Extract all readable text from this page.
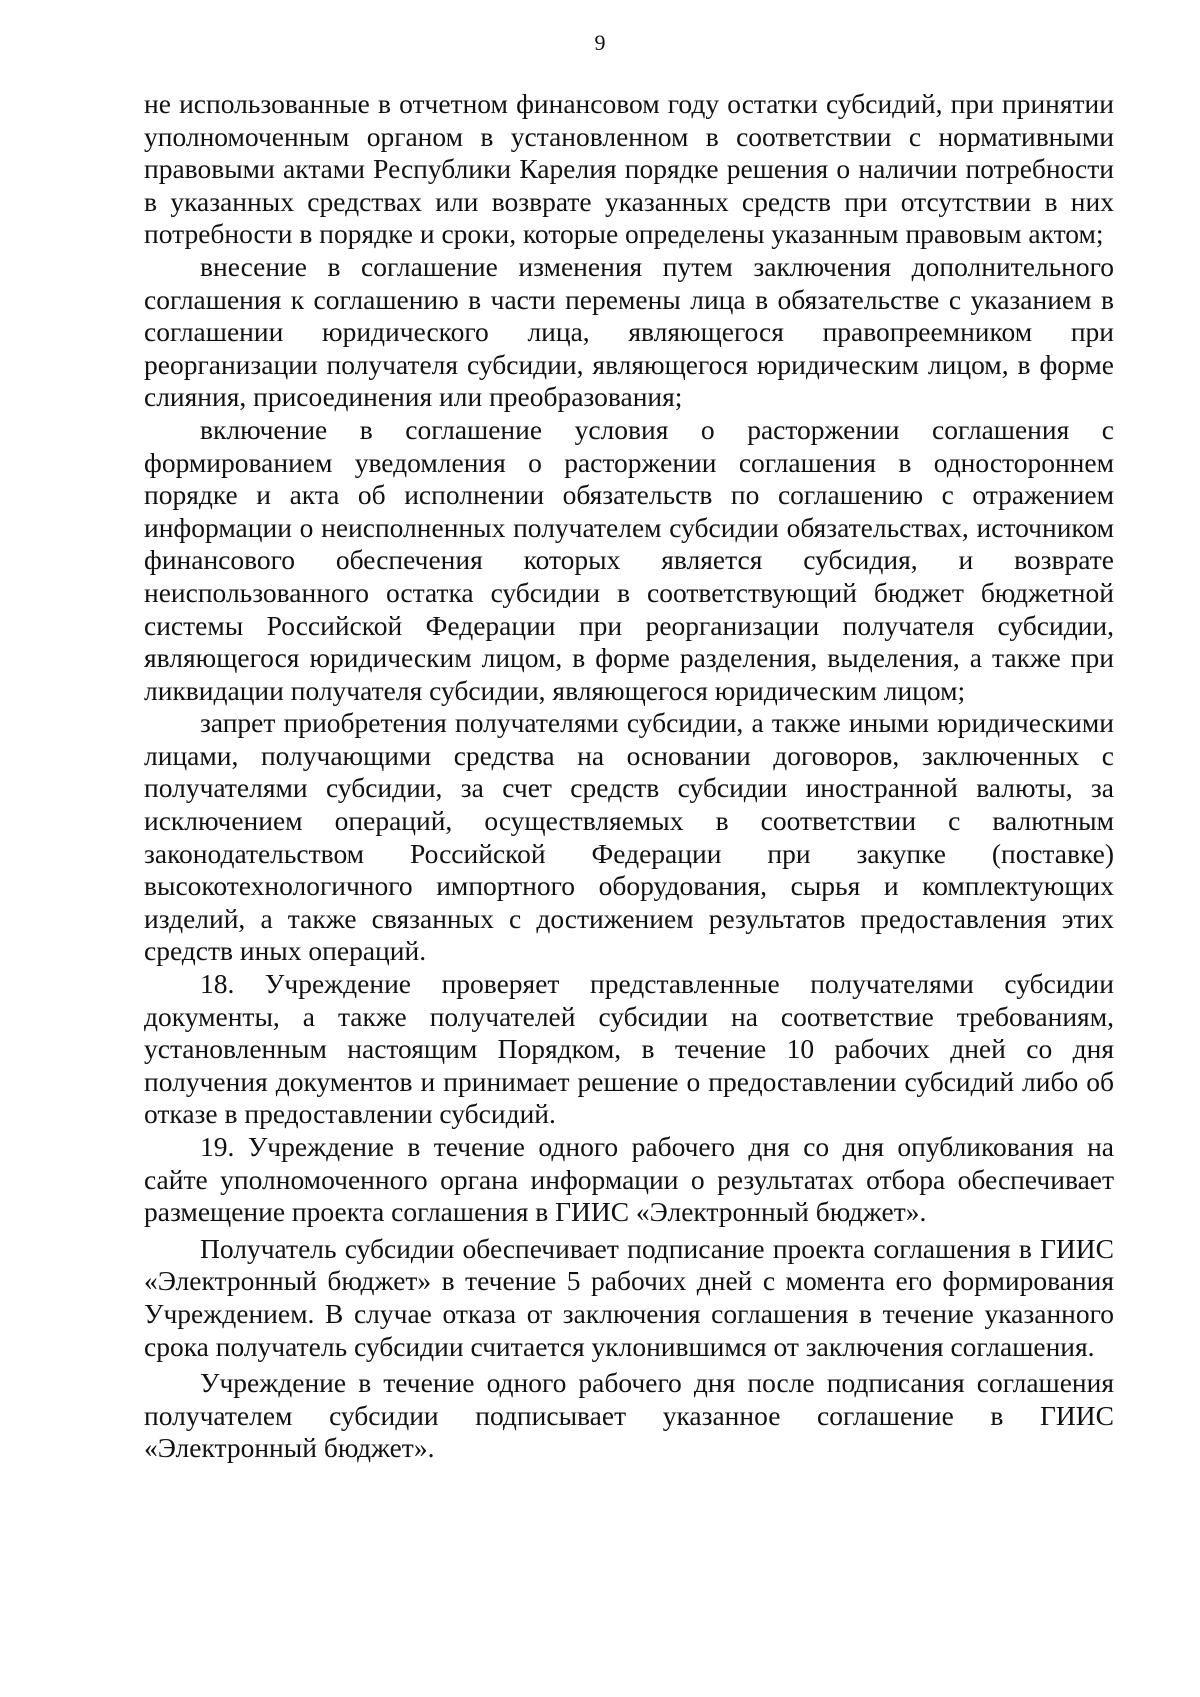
9

не использованные в отчетном финансовом году остатки субсидий, при принятии уполномоченным органом в установленном в соответствии с нормативными правовыми актами Республики Карелия порядке решения о наличии потребности в указанных средствах или возврате указанных средств при отсутствии в них потребности в порядке и сроки, которые определены указанным правовым актом;

внесение в соглашение изменения путем заключения дополнительного соглашения к соглашению в части перемены лица в обязательстве с указанием в соглашении юридического лица, являющегося правопреемником при реорганизации получателя субсидии, являющегося юридическим лицом, в форме слияния, присоединения или преобразования;

включение в соглашение условия о расторжении соглашения с формированием уведомления о расторжении соглашения в одностороннем порядке и акта об исполнении обязательств по соглашению с отражением информации о неисполненных получателем субсидии обязательствах, источником финансового обеспечения которых является субсидия, и возврате неиспользованного остатка субсидии в соответствующий бюджет бюджетной системы Российской Федерации при реорганизации получателя субсидии, являющегося юридическим лицом, в форме разделения, выделения, а также при ликвидации получателя субсидии, являющегося юридическим лицом;

запрет приобретения получателями субсидии, а также иными юридическими лицами, получающими средства на основании договоров, заключенных с получателями субсидии, за счет средств субсидии иностранной валюты, за исключением операций, осуществляемых в соответствии с валютным законодательством Российской Федерации при закупке (поставке) высокотехнологичного импортного оборудования, сырья и комплектующих изделий, а также связанных с достижением результатов предоставления этих средств иных операций.

18. Учреждение проверяет представленные получателями субсидии документы, а также получателей субсидии на соответствие требованиям, установленным настоящим Порядком, в течение 10 рабочих дней со дня получения документов и принимает решение о предоставлении субсидий либо об отказе в предоставлении субсидий.

19. Учреждение в течение одного рабочего дня со дня опубликования на сайте уполномоченного органа информации о результатах отбора обеспечивает размещение проекта соглашения в ГИИС «Электронный бюджет».

Получатель субсидии обеспечивает подписание проекта соглашения в ГИИС «Электронный бюджет» в течение 5 рабочих дней с момента его формирования Учреждением. В случае отказа от заключения соглашения в течение указанного срока получатель субсидии считается уклонившимся от заключения соглашения.

Учреждение в течение одного рабочего дня после подписания соглашения получателем субсидии подписывает указанное соглашение в ГИИС «Электронный бюджет».
